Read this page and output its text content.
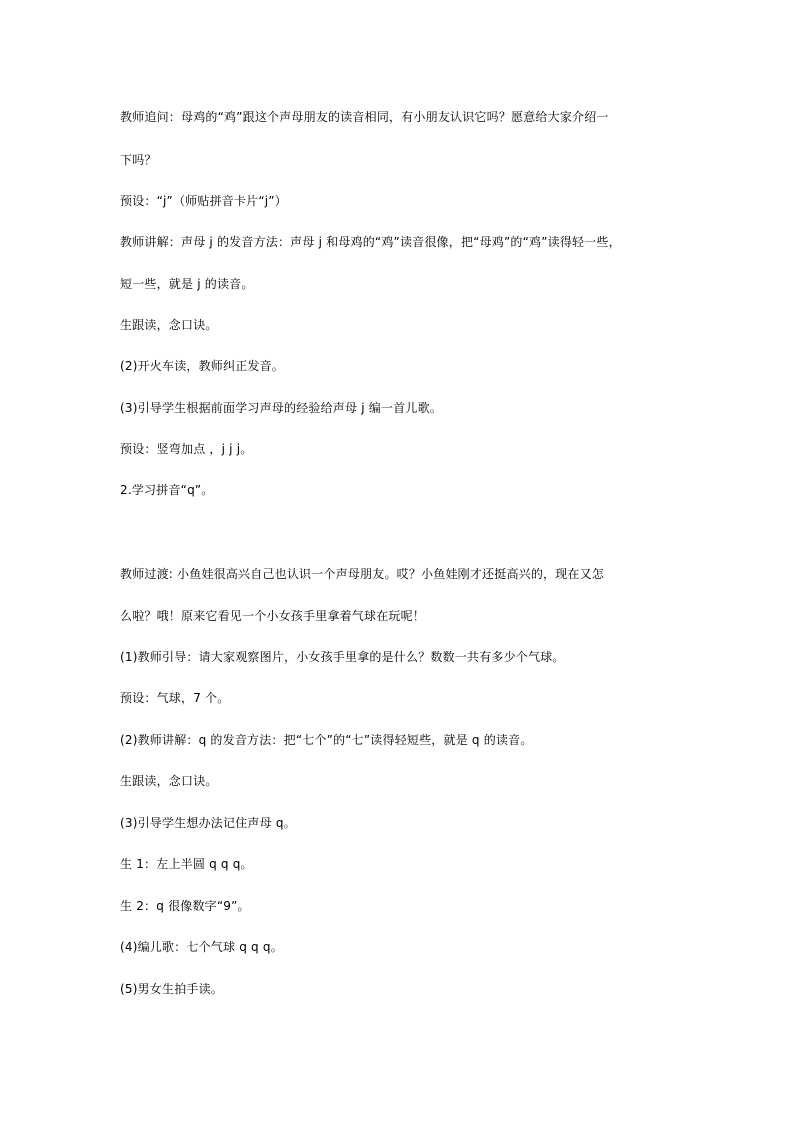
教师追问：母鸡的“鸡”跟这个声母朋友的读音相同，有小朋友认识它吗？愿意给大家介绍一
下吗？
预设：“j”（师贴拼音卡片“j”）
教师讲解：声母 j 的发音方法：声母 j 和母鸡的“鸡”读音很像，把“母鸡”的“鸡”读得轻一些，
短一些，就是 j 的读音。
生跟读，念口诀。
(2)开火车读，教师纠正发音。
(3)引导学生根据前面学习声母的经验给声母 j 编一首儿歌。
预设：竖弯加点 ，j j j。
2.学习拼音“q”。
教师过渡: 小鱼娃很高兴自己也认识一个声母朋友。哎？小鱼娃刚才还挺高兴的，现在又怎
么啦？哦！原来它看见一个小女孩手里拿着气球在玩呢！
(1)教师引导：请大家观察图片，小女孩手里拿的是什么？数数一共有多少个气球。
预设：气球，7 个。
(2)教师讲解：q 的发音方法：把“七个”的“七”读得轻短些，就是 q 的读音。
生跟读，念口诀。
(3)引导学生想办法记住声母 q。
生 1：左上半圆 q q q。
生 2：q 很像数字“9”。
(4)编儿歌：七个气球 q q q。
(5)男女生拍手读。
